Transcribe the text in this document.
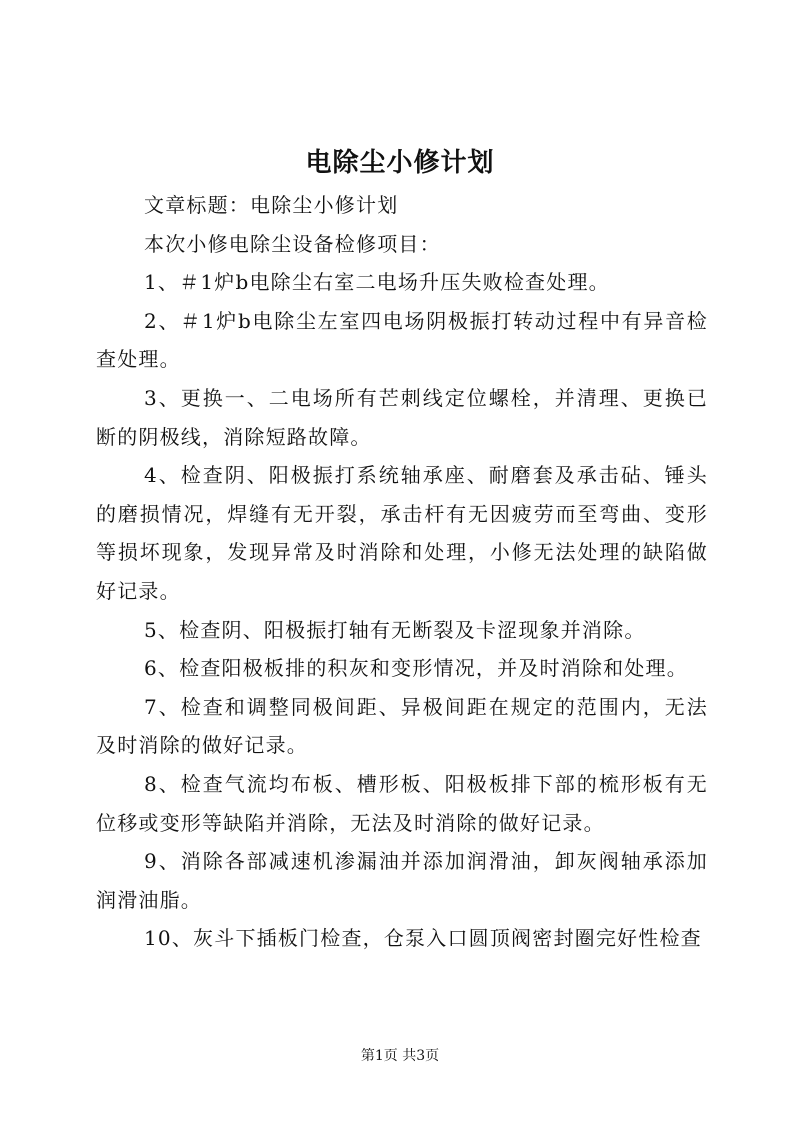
电除尘小修计划

文章标题：电除尘小修计划

本次小修电除尘设备检修项目：

1、＃1炉b电除尘右室二电场升压失败检查处理。

2、＃1炉b电除尘左室四电场阴极振打转动过程中有异音检查处理。

3、更换一、二电场所有芒刺线定位螺栓，并清理、更换已断的阴极线，消除短路故障。

4、检查阴、阳极振打系统轴承座、耐磨套及承击砧、锤头的磨损情况，焊缝有无开裂，承击杆有无因疲劳而至弯曲、变形等损坏现象，发现异常及时消除和处理，小修无法处理的缺陷做好记录。

5、检查阴、阳极振打轴有无断裂及卡涩现象并消除。

6、检查阳极板排的积灰和变形情况，并及时消除和处理。

7、检查和调整同极间距、异极间距在规定的范围内，无法及时消除的做好记录。

8、检查气流均布板、槽形板、阳极板排下部的梳形板有无位移或变形等缺陷并消除，无法及时消除的做好记录。

9、消除各部减速机渗漏油并添加润滑油，卸灰阀轴承添加润滑油脂。

10、灰斗下插板门检查，仓泵入口圆顶阀密封圈完好性检查

第1页 共3页
